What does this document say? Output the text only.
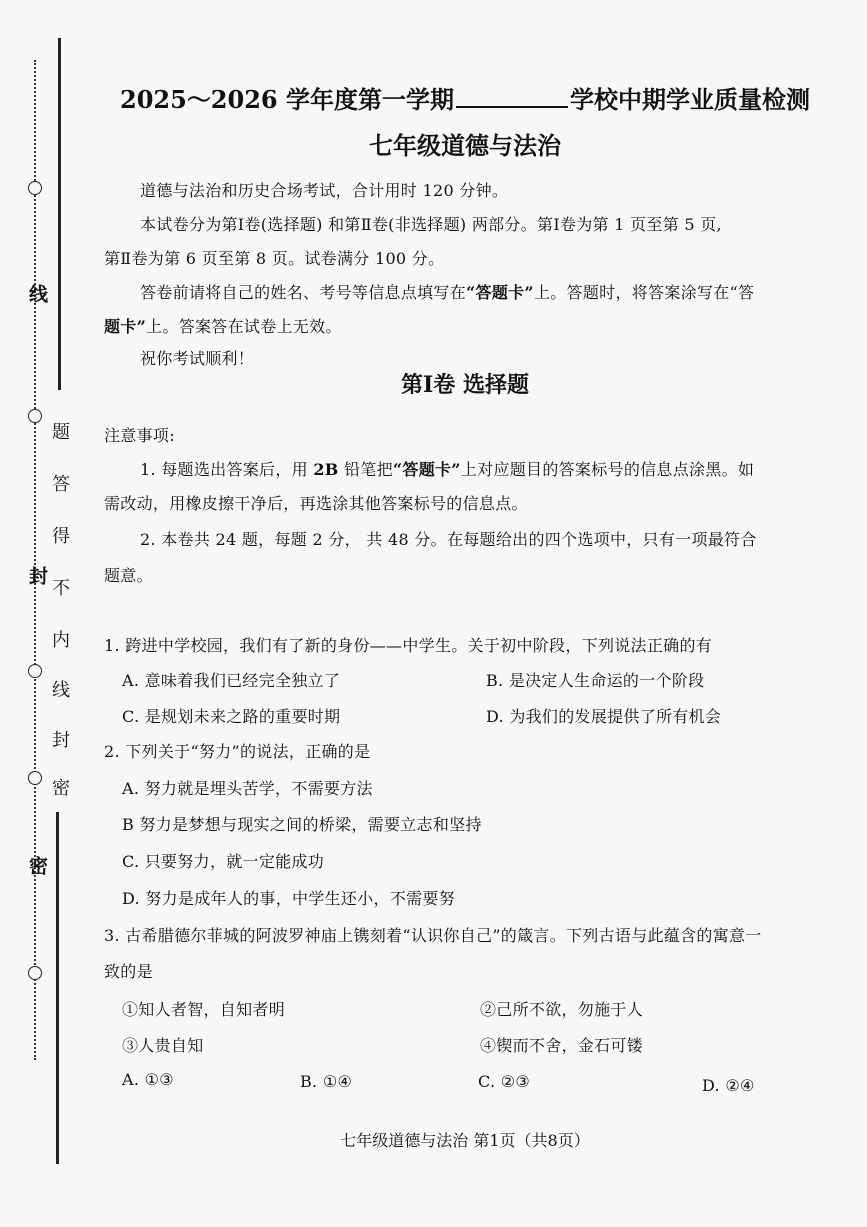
线
题
答
得
不
内
线
封
密
封
密
2025～2026 学年度第一学期	学校中期学业质量检测
七年级道德与法治
道德与法治和历史合场考试，合计用时 120 分钟。
本试卷分为第Ⅰ卷(选择题) 和第Ⅱ卷(非选择题) 两部分。第Ⅰ卷为第 1 页至第 5 页,
第Ⅱ卷为第 6 页至第 8 页。试卷满分 100 分。
答卷前请将自己的姓名、考号等信息点填写在“答题卡”上。答题时，将答案涂写在“答
题卡”上。答案答在试卷上无效。
祝你考试顺利！
第Ⅰ卷 选择题
注意事项:
1. 每题选出答案后，用 2B 铅笔把“答题卡”上对应题目的答案标号的信息点涂黑。如
需改动，用橡皮擦干净后，再选涂其他答案标号的信息点。
2. 本卷共 24 题，每题 2 分， 共 48 分。在每题给出的四个选项中，只有一项最符合
题意。
1. 跨进中学校园，我们有了新的身份——中学生。关于初中阶段，下列说法正确的有
A. 意味着我们已经完全独立了	B. 是决定人生命运的一个阶段
C. 是规划未来之路的重要时期	D. 为我们的发展提供了所有机会
2. 下列关于“努力”的说法，正确的是
A. 努力就是埋头苦学，不需要方法
B 努力是梦想与现实之间的桥梁，需要立志和坚持
C. 只要努力，就一定能成功
D. 努力是成年人的事，中学生还小，不需要努
3. 古希腊德尔菲城的阿波罗神庙上镌刻着“认识你自己”的箴言。下列古语与此蕴含的寓意一
致的是
①知人者智，自知者明	②己所不欲，勿施于人
③人贵自知	④锲而不舍，金石可镂
A. ①③	B. ①④	C. ②③	D. ②④
七年级道德与法治 第1页（共8页）
